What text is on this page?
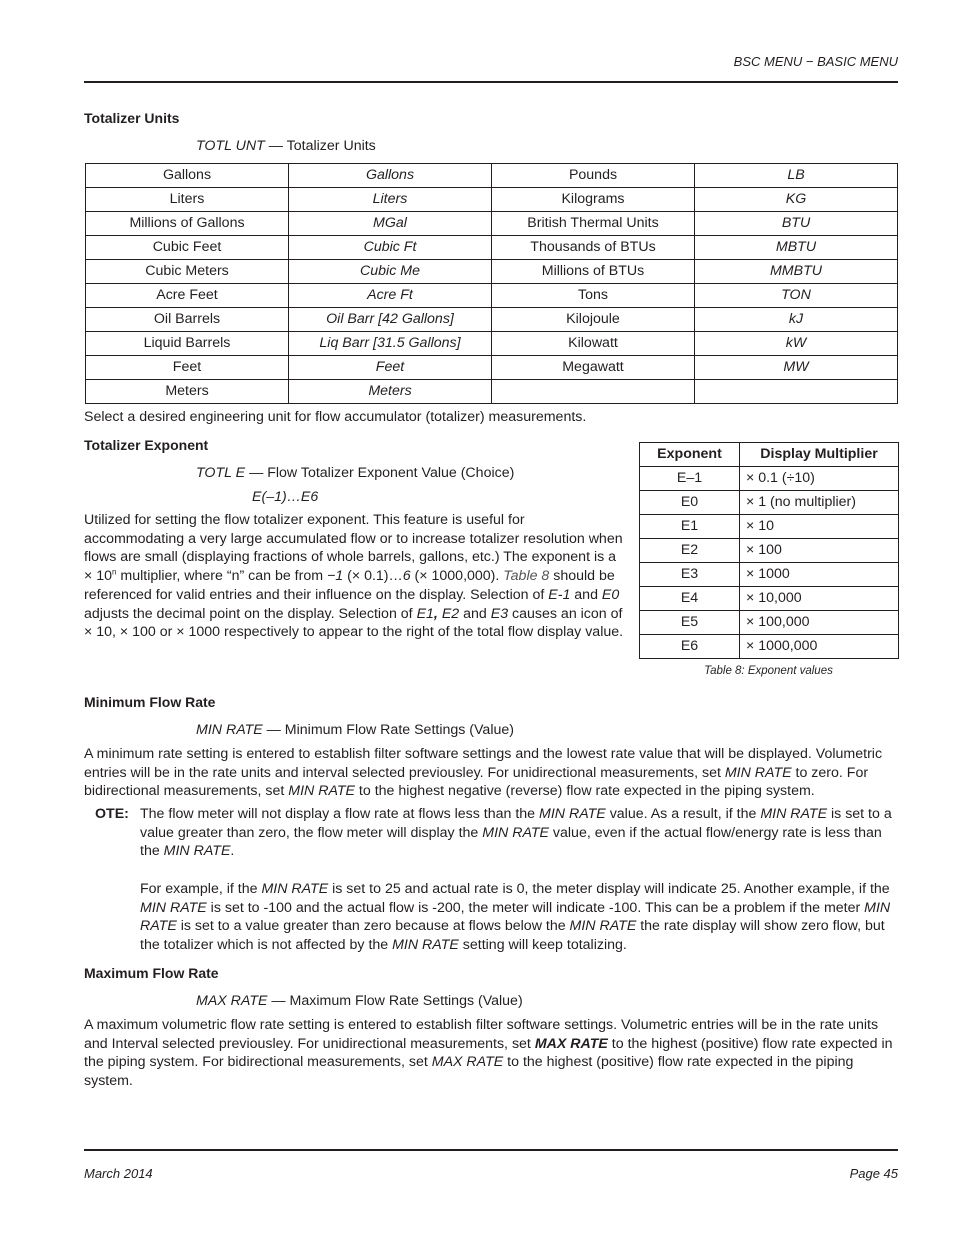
BSC MENU − BASIC MENU
Totalizer Units
TOTL UNT — Totalizer Units
Gallons	Gallons	Pounds	LB
Liters	Liters	Kilograms	KG
Millions of Gallons	MGal	British Thermal Units	BTU
Cubic Feet	Cubic Ft	Thousands of BTUs	MBTU
Cubic Meters	Cubic Me	Millions of BTUs	MMBTU
Acre Feet	Acre Ft	Tons	TON
Oil Barrels	Oil Barr [42 Gallons]	Kilojoule	kJ
Liquid Barrels	Liq Barr [31.5 Gallons]	Kilowatt	kW
Feet	Feet	Megawatt	MW
Meters	Meters		
Select a desired engineering unit for flow accumulator (totalizer) measurements.
Totalizer Exponent
TOTL E — Flow Totalizer Exponent Value (Choice)
E(–1)…E6
Utilized for setting the flow totalizer exponent. This feature is useful for accommodating a very large accumulated flow or to increase totalizer resolution when flows are small (displaying fractions of whole barrels, gallons, etc.) The exponent is $a \times 10^n$ multiplier, where “n” can be from −1 (× 0.1)…6 (× 1000,000). Table 8 should be referenced for valid entries and their influence on the display. Selection of E-1 and E0 adjusts the decimal point on the display. Selection of E1, E2 and E3 causes an icon of × 10, × 100 or × 1000 respectively to appear to the right of the total flow display value.
Exponent	Display Multiplier
E–1	× 0.1 (÷10)
E0	× 1 (no multiplier)
E1	× 10
E2	× 100
E3	× 1000
E4	× 10,000
E5	× 100,000
E6	× 1000,000
Table 8: Exponent values
Minimum Flow Rate
MIN RATE — Minimum Flow Rate Settings (Value)
A minimum rate setting is entered to establish filter software settings and the lowest rate value that will be displayed. Volumetric entries will be in the rate units and interval selected previousley. For unidirectional measurements, set MIN RATE to zero. For bidirectional measurements, set MIN RATE to the highest negative (reverse) flow rate expected in the piping system.
OTE: The flow meter will not display a flow rate at flows less than the MIN RATE value. As a result, if the MIN RATE is set to a value greater than zero, the flow meter will display the MIN RATE value, even if the actual flow/energy rate is less than the MIN RATE.
For example, if the MIN RATE is set to 25 and actual rate is 0, the meter display will indicate 25. Another example, if the MIN RATE is set to -100 and the actual flow is -200, the meter will indicate -100. This can be a problem if the meter MIN RATE is set to a value greater than zero because at flows below the MIN RATE the rate display will show zero flow, but the totalizer which is not affected by the MIN RATE setting will keep totalizing.
Maximum Flow Rate
MAX RATE — Maximum Flow Rate Settings (Value)
A maximum volumetric flow rate setting is entered to establish filter software settings. Volumetric entries will be in the rate units and Interval selected previousley. For unidirectional measurements, set MAX RATE to the highest (positive) flow rate expected in the piping system. For bidirectional measurements, set MAX RATE to the highest (positive) flow rate expected in the piping system.
March 2014	Page 45
